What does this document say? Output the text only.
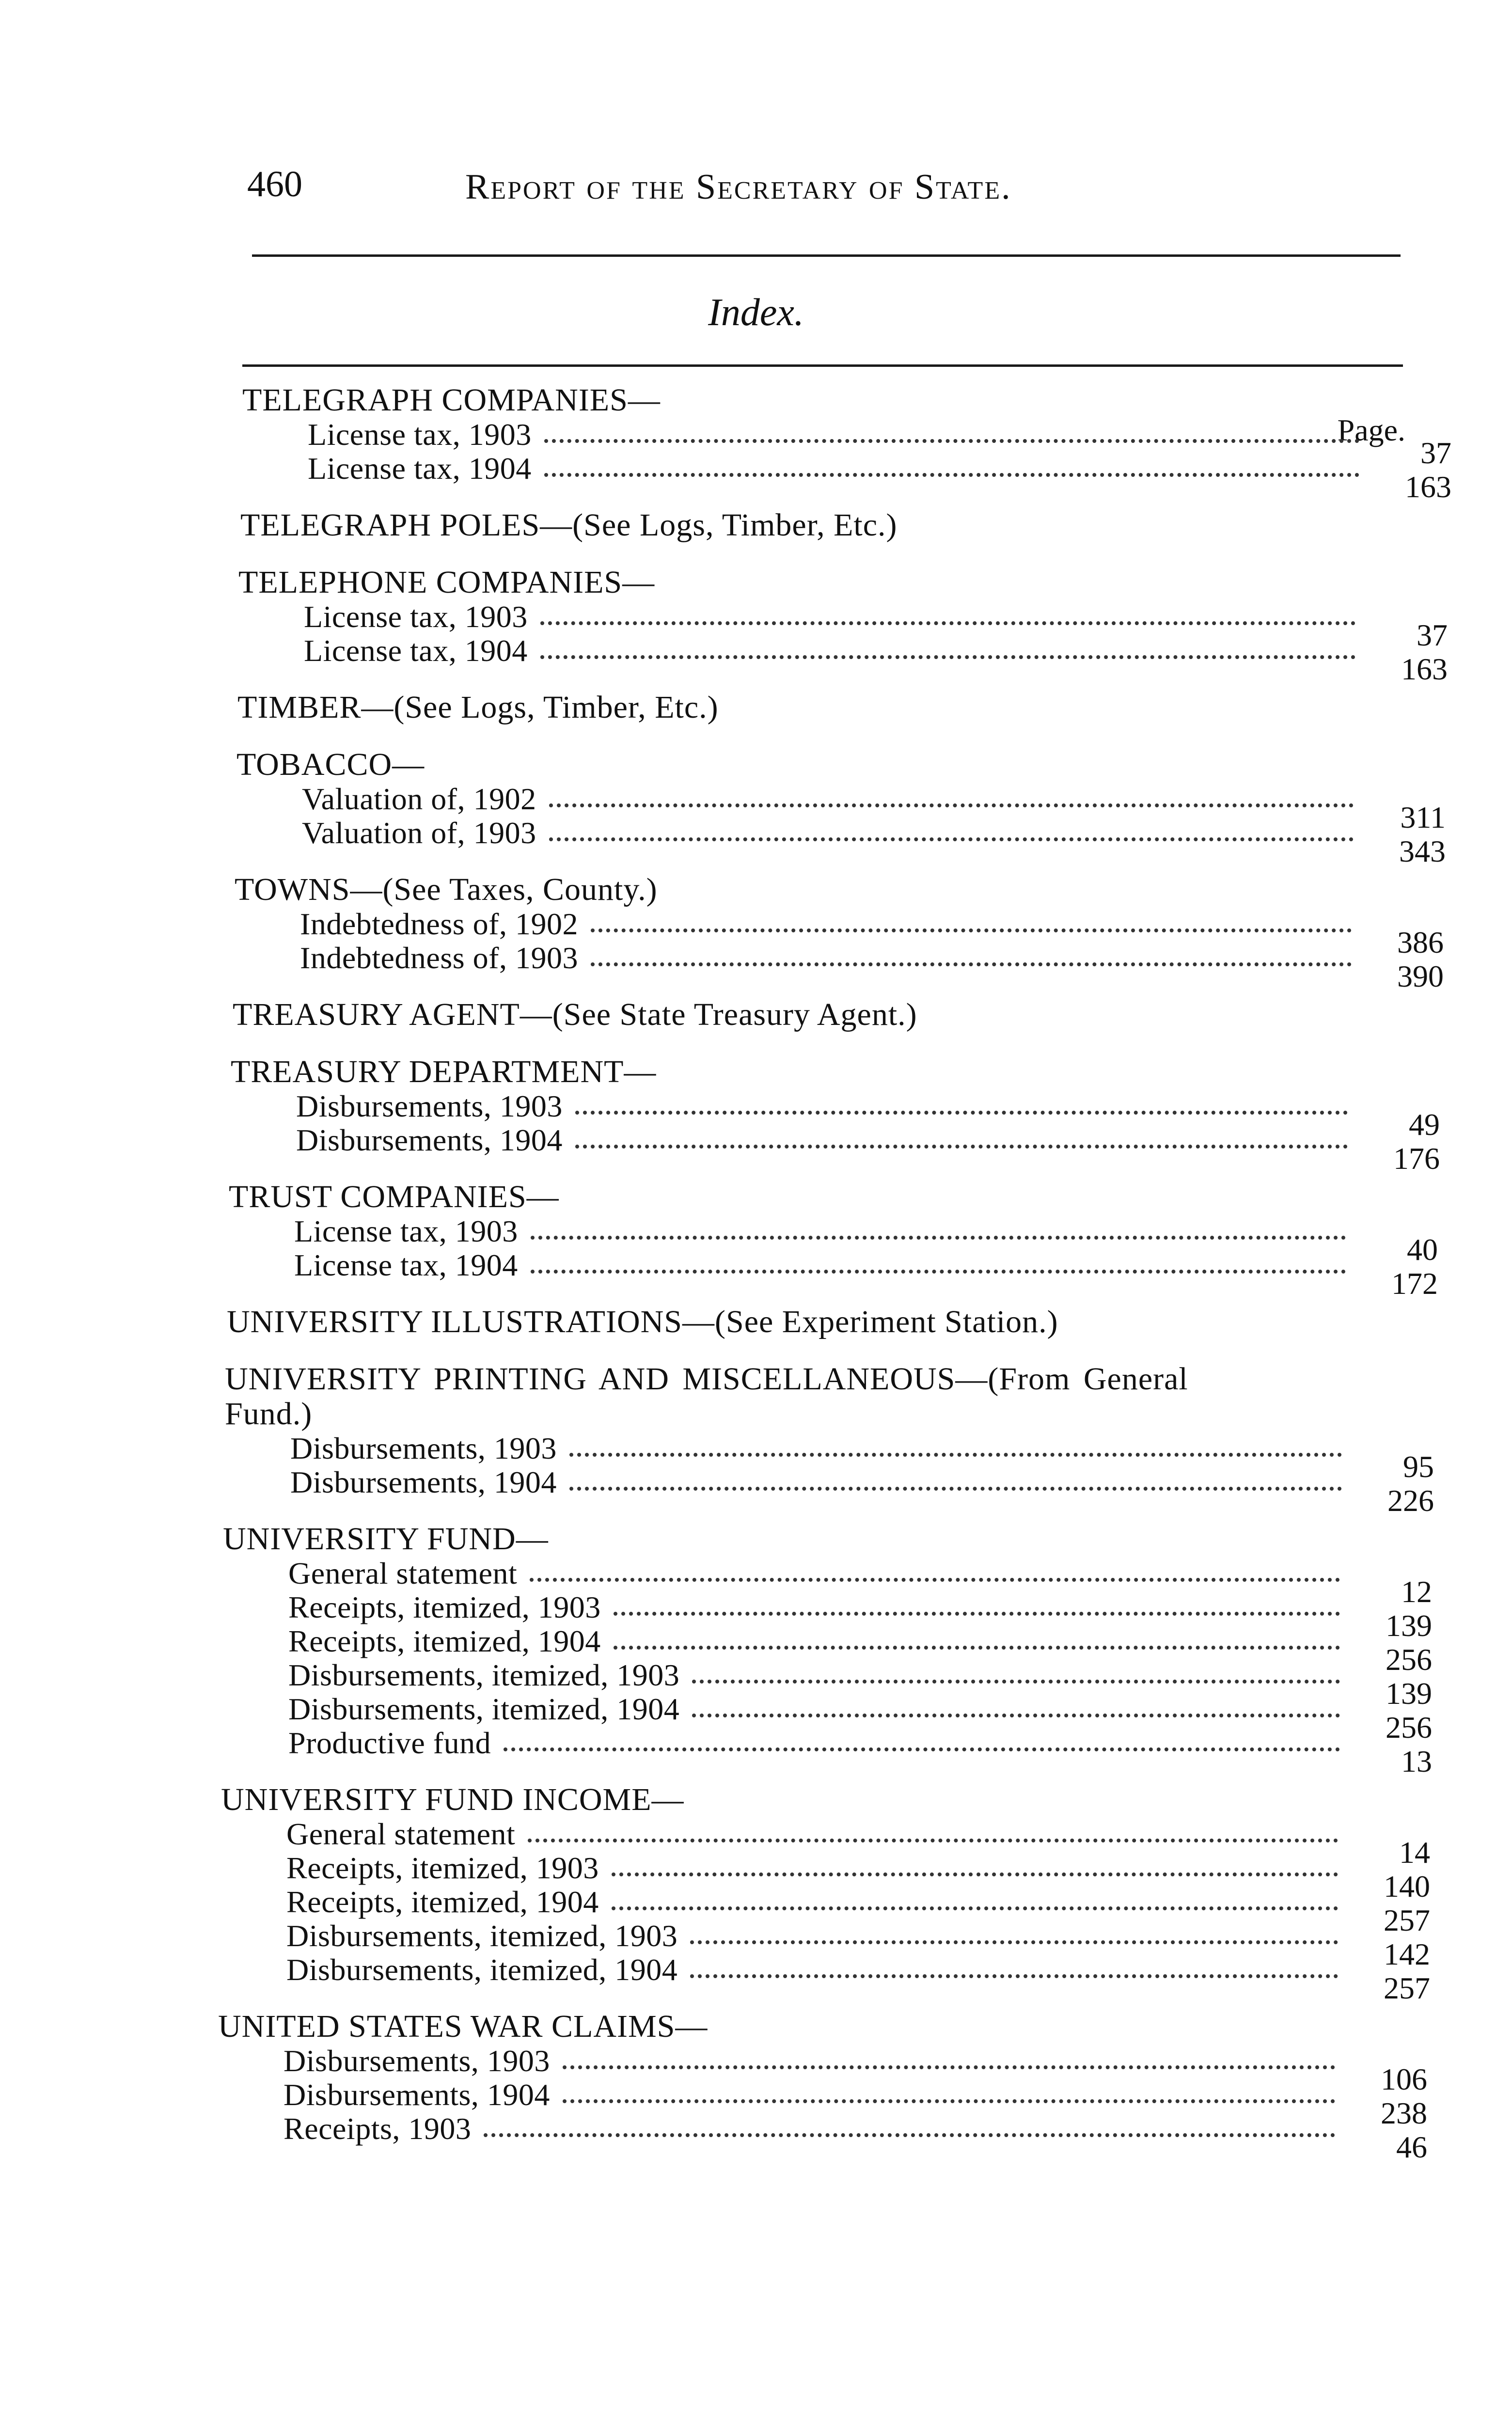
460	Report of the Secretary of State.
Index.
Page.
TELEGRAPH COMPANIES—
License tax, 1903
37
License tax, 1904
163
TELEGRAPH POLES—(See Logs, Timber, Etc.)
TELEPHONE COMPANIES—
License tax, 1903
37
License tax, 1904
163
TIMBER—(See Logs, Timber, Etc.)
TOBACCO—
Valuation of, 1902
311
Valuation of, 1903
343
TOWNS—(See Taxes, County.)
Indebtedness of, 1902
386
Indebtedness of, 1903
390
TREASURY AGENT—(See State Treasury Agent.)
TREASURY DEPARTMENT—
Disbursements, 1903
49
Disbursements, 1904
176
TRUST COMPANIES—
License tax, 1903
40
License tax, 1904
172
UNIVERSITY ILLUSTRATIONS—(See Experiment Station.)
UNIVERSITY PRINTING AND MISCELLANEOUS—(From General Fund.)
Disbursements, 1903
95
Disbursements, 1904
226
UNIVERSITY FUND—
General statement
12
Receipts, itemized, 1903
139
Receipts, itemized, 1904
256
Disbursements, itemized, 1903
139
Disbursements, itemized, 1904
256
Productive fund
13
UNIVERSITY FUND INCOME—
General statement
14
Receipts, itemized, 1903
140
Receipts, itemized, 1904
257
Disbursements, itemized, 1903
142
Disbursements, itemized, 1904
257
UNITED STATES WAR CLAIMS—
Disbursements, 1903
106
Disbursements, 1904
238
Receipts, 1903
46
